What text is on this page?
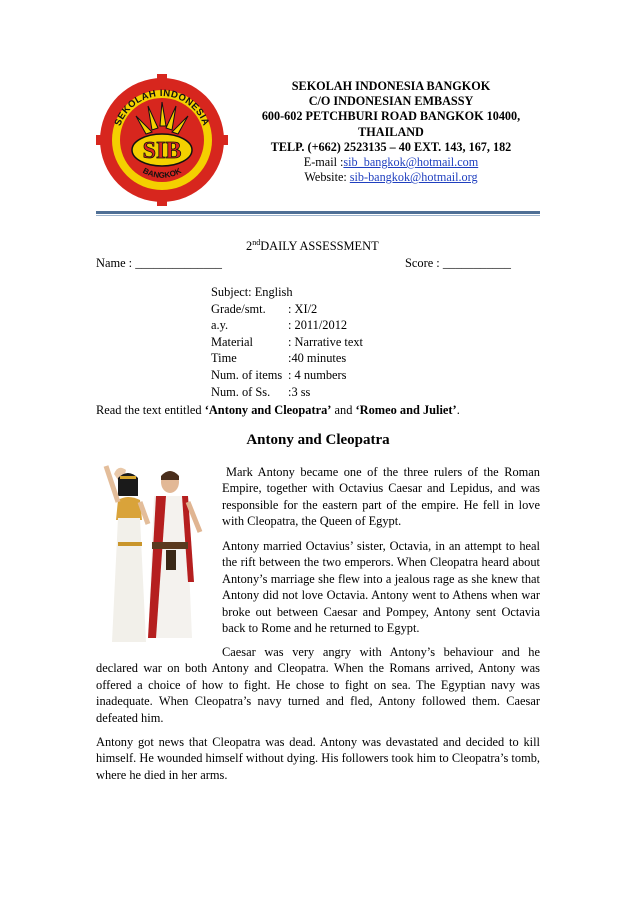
SEKOLAH INDONESIA
SIB
BANGKOK
SEKOLAH INDONESIA BANGKOK
C/O INDONESIAN EMBASSY
600-602 PETCHBURI ROAD BANGKOK 10400,
THAILAND
TELP. (+662) 2523135 – 40 EXT. 143, 167, 182
E-mail :sib_bangkok@hotmail.com
Website: sib-bangkok@hotmail.org
2ndDAILY ASSESSMENT
Name : ______________	Score : ___________
Subject: English
Grade/smt.	: XI/2
a.y.	: 2011/2012
Material	: Narrative text
Time	:40 minutes
Num. of items : 4 numbers
Num. of Ss.	:3 ss
Read the text entitled ‘Antony and Cleopatra’ and ‘Romeo and Juliet’.
Antony and Cleopatra
Mark Antony became one of the three rulers of the Roman Empire, together with Octavius Caesar and Lepidus, and was responsible for the eastern part of the empire. He fell in love with Cleopatra, the Queen of Egypt.
Antony married Octavius’ sister, Octavia, in an attempt to heal the rift between the two emperors. When Cleopatra heard about Antony’s marriage she flew into a jealous rage as she knew that Antony did not love Octavia. Antony went to Athens when war broke out between Caesar and Pompey, Antony sent Octavia back to Rome and he returned to Egypt.
Caesar was very angry with Antony’s behaviour and he declared war on both Antony and Cleopatra. When the Romans arrived, Antony was offered a choice of how to fight. He chose to fight on sea. The Egyptian navy was inadequate. When Cleopatra’s navy turned and fled, Antony followed them. Caesar defeated him.
Antony got news that Cleopatra was dead. Antony was devastated and decided to kill himself. He wounded himself without dying. His followers took him to Cleopatra’s tomb, where he died in her arms.
